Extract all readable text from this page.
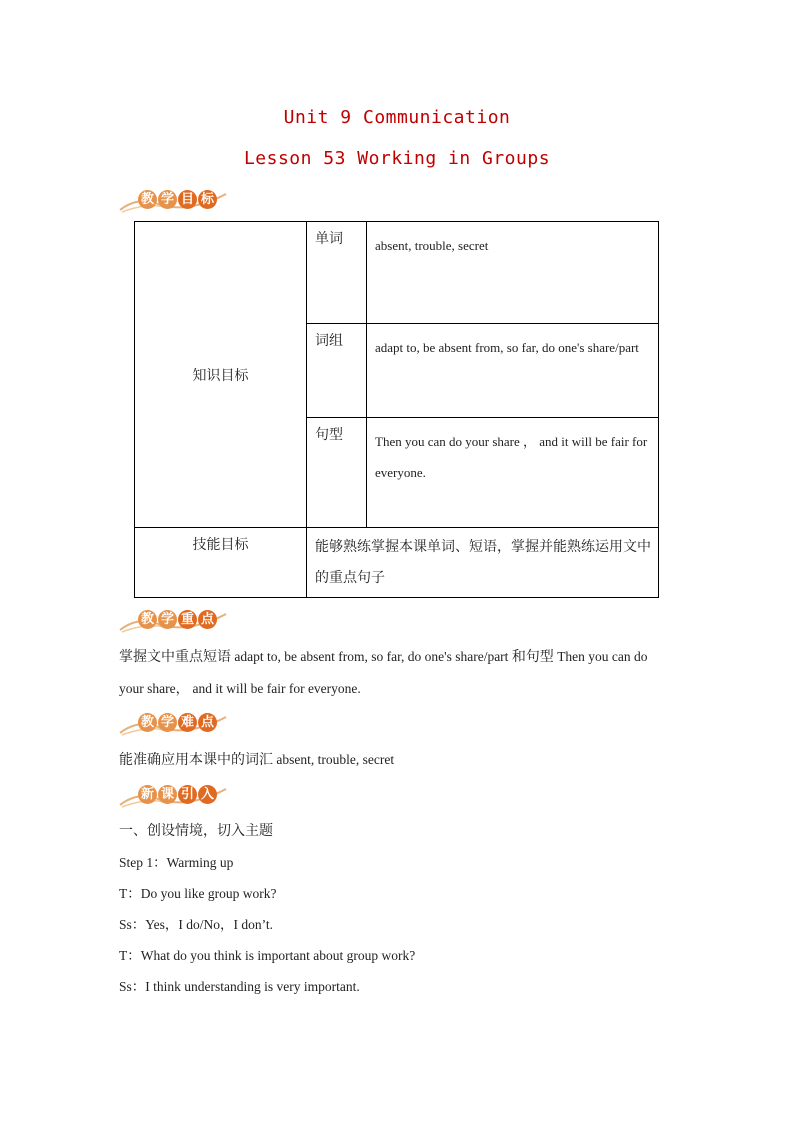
Unit 9 Communication
Lesson 53 Working in Groups
教 学 目 标
知识目标	单词	absent, trouble, secret
	词组	adapt to, be absent from, so far, do one's share/part
	句型	Then you can do your share ， and it will be fair for everyone.
技能目标	能够熟练掌握本课单词、短语，掌握并能熟练运用文中的重点句子	
教 学 重 点
掌握文中重点短语 adapt to, be absent from, so far, do one's share/part 和句型 Then you can do your share， and it will be fair for everyone.
教 学 难 点
能准确应用本课中的词汇 absent, trouble, secret
新 课 引 入
一、创设情境，切入主题
Step 1：Warming up
T：Do you like group work?
Ss：Yes，I do/No，I don’t.
T：What do you think is important about group work?
Ss：I think understanding is very important.
